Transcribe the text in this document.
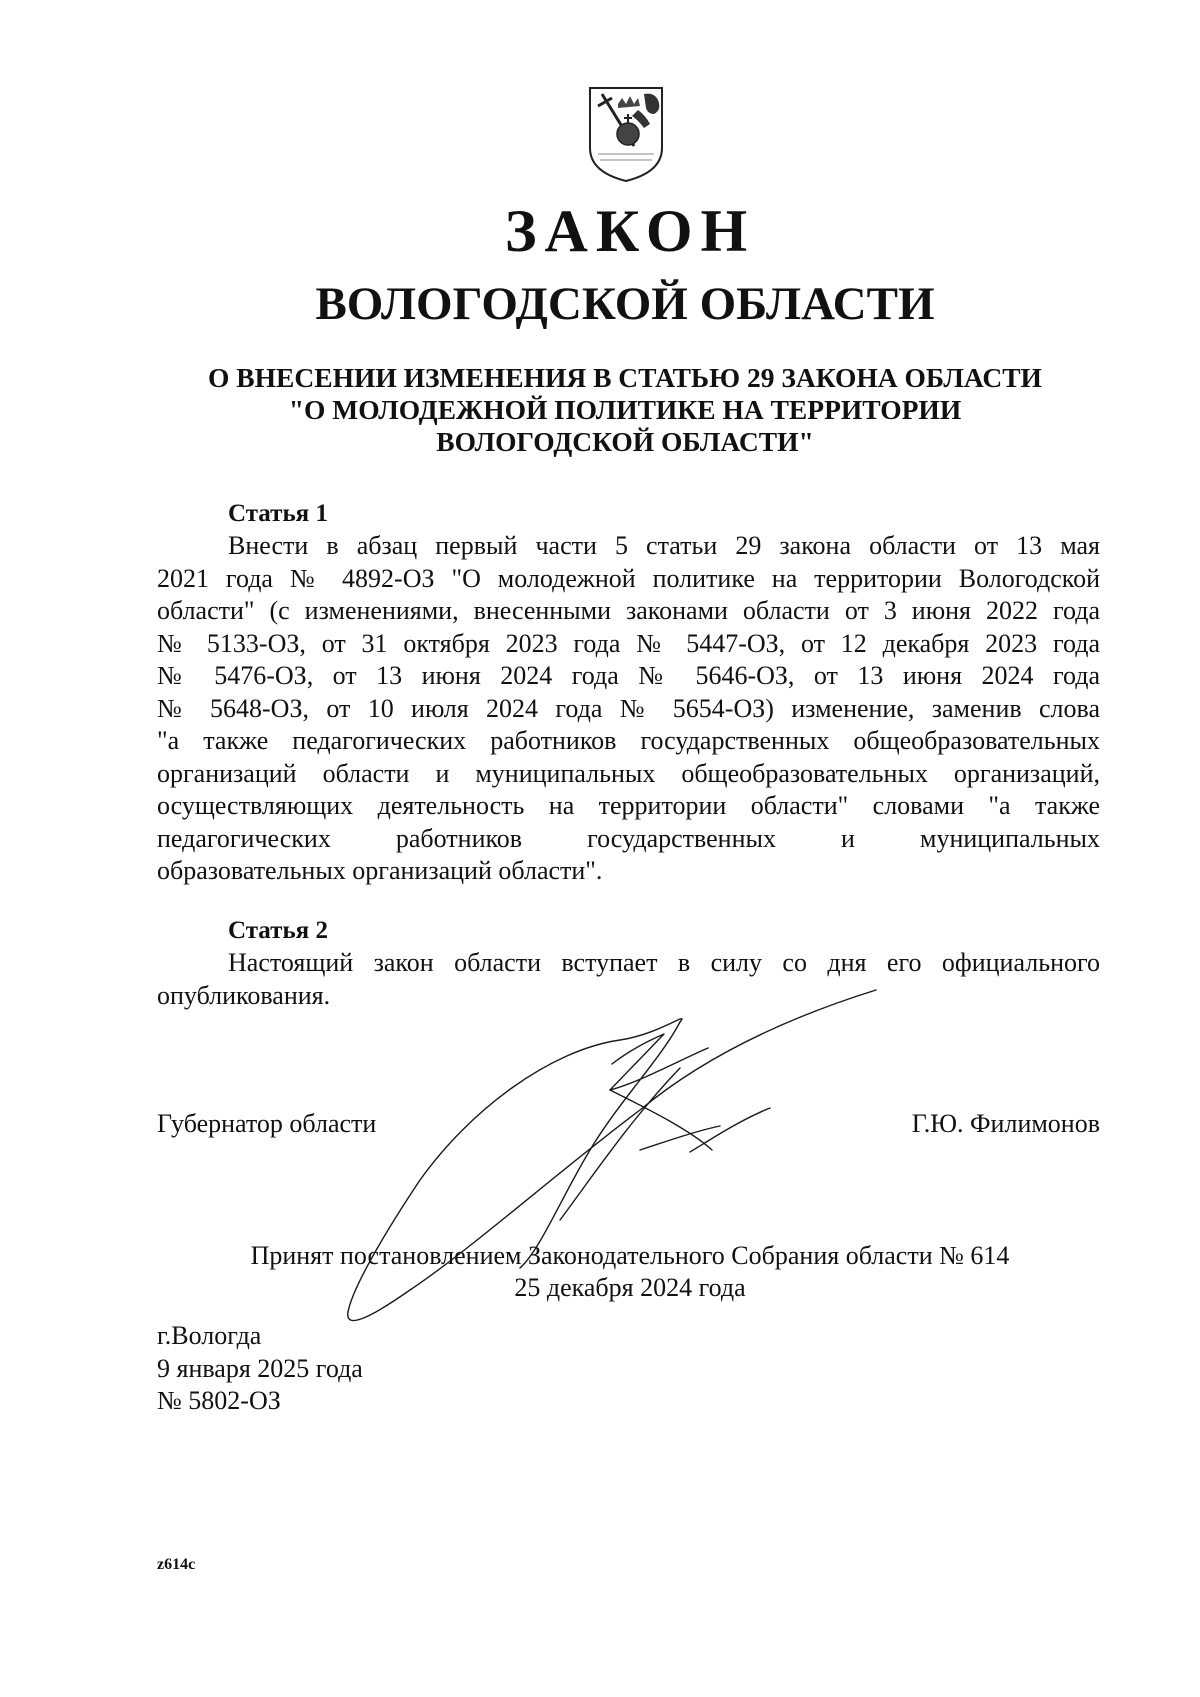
ЗАКОН
ВОЛОГОДСКОЙ ОБЛАСТИ
О ВНЕСЕНИИ ИЗМЕНЕНИЯ В СТАТЬЮ 29 ЗАКОНА ОБЛАСТИ
"О МОЛОДЕЖНОЙ ПОЛИТИКЕ НА ТЕРРИТОРИИ
ВОЛОГОДСКОЙ ОБЛАСТИ"
Статья 1
Внести в абзац первый части 5 статьи 29 закона области от 13 мая
2021 года № 4892-ОЗ "О молодежной политике на территории Вологодской
области" (с изменениями, внесенными законами области от 3 июня 2022 года
№ 5133-ОЗ, от 31 октября 2023 года № 5447-ОЗ, от 12 декабря 2023 года
№ 5476-ОЗ, от 13 июня 2024 года № 5646-ОЗ, от 13 июня 2024 года
№ 5648-ОЗ, от 10 июля 2024 года № 5654-ОЗ) изменение, заменив слова
"а также педагогических работников государственных общеобразовательных
организаций области и муниципальных общеобразовательных организаций,
осуществляющих деятельность на территории области" словами "а также
педагогических работников государственных и муниципальных
образовательных организаций области".
Статья 2
Настоящий закон области вступает в силу со дня его официального
опубликования.
Губернатор области	Г.Ю. Филимонов
Принят постановлением Законодательного Собрания области № 614
25 декабря 2024 года
г.Вологда
9 января 2025 года
№ 5802-ОЗ
z614c
